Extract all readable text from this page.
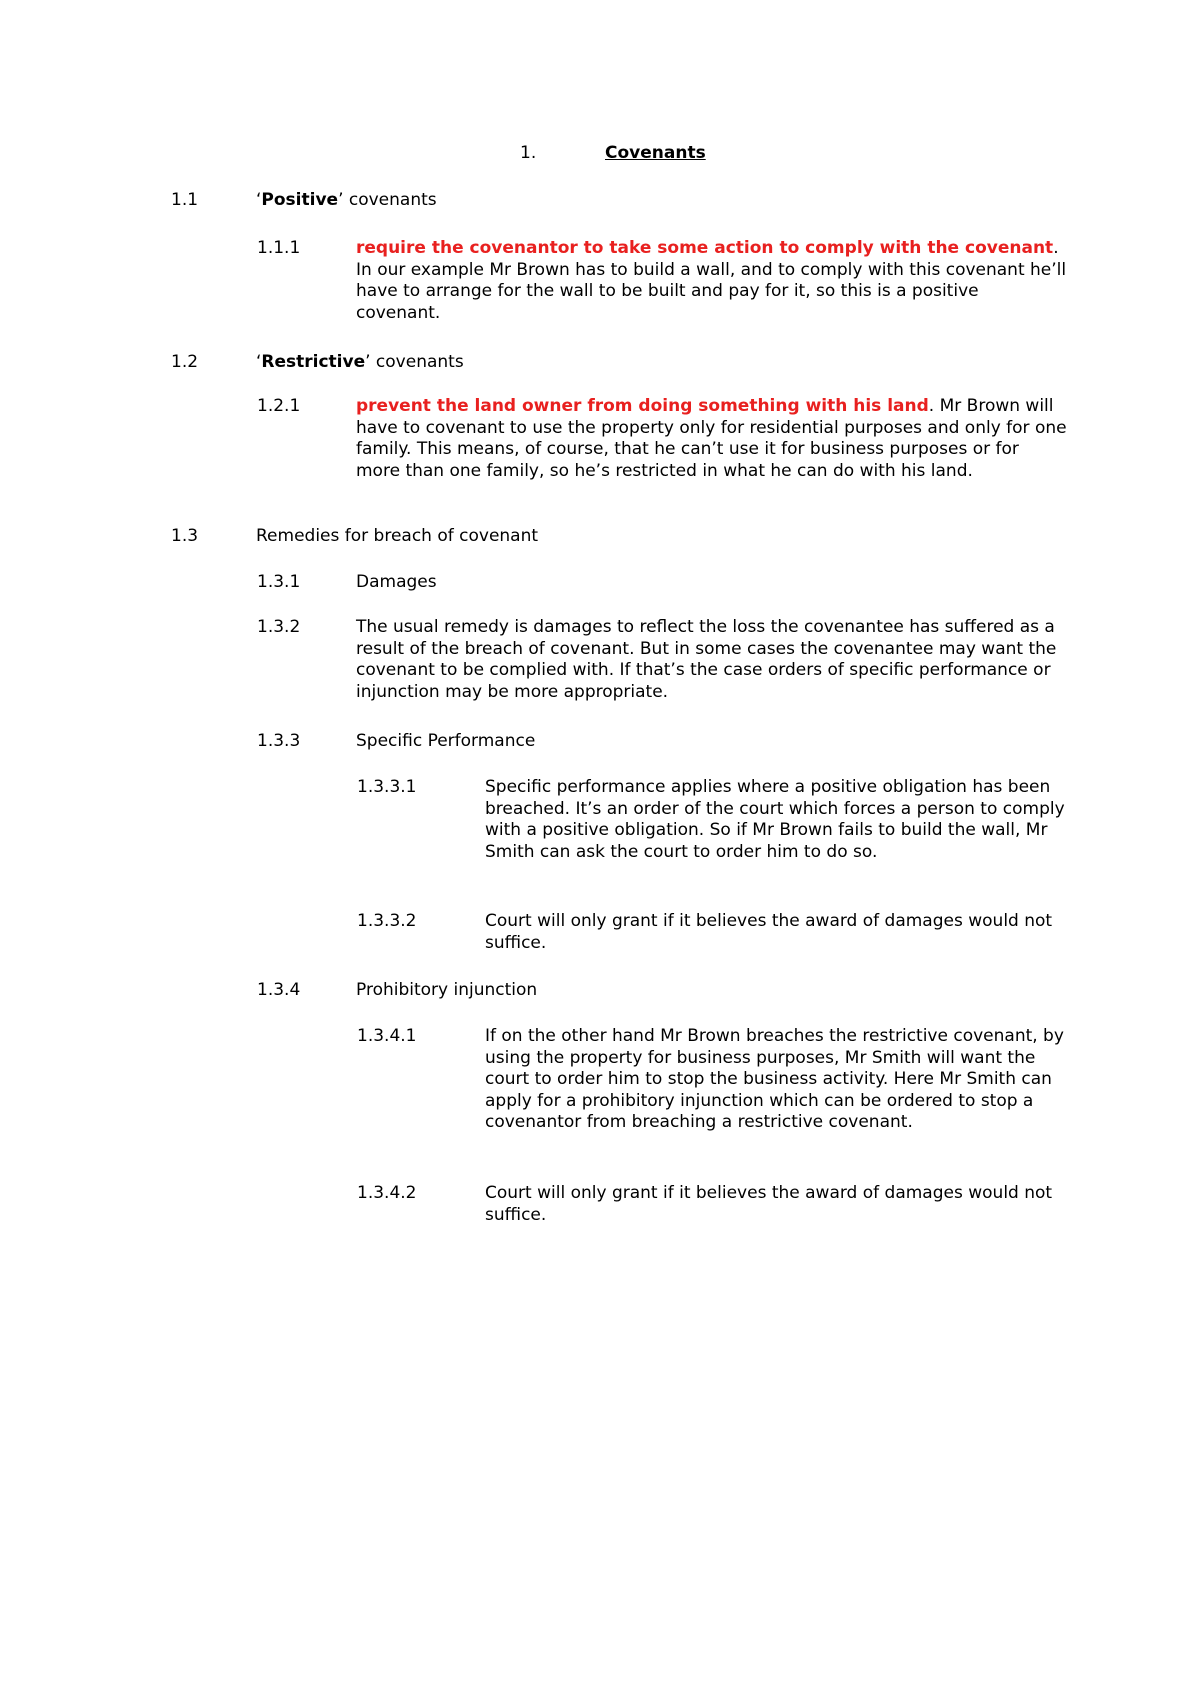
1.	Covenants
1.1	‘Positive’ covenants
1.1.1	require the covenantor to take some action to comply with the covenant. In our example Mr Brown has to build a wall, and to comply with this covenant he’ll have to arrange for the wall to be built and pay for it, so this is a positive covenant.
1.2	‘Restrictive’ covenants
1.2.1	prevent the land owner from doing something with his land. Mr Brown will have to covenant to use the property only for residential purposes and only for one family. This means, of course, that he can’t use it for business purposes or for more than one family, so he’s restricted in what he can do with his land.
1.3	Remedies for breach of covenant
1.3.1	Damages
1.3.2	The usual remedy is damages to reflect the loss the covenantee has suffered as a result of the breach of covenant. But in some cases the covenantee may want the covenant to be complied with. If that’s the case orders of specific performance or injunction may be more appropriate.
1.3.3	Specific Performance
1.3.3.1	Specific performance applies where a positive obligation has been breached. It’s an order of the court which forces a person to comply with a positive obligation. So if Mr Brown fails to build the wall, Mr Smith can ask the court to order him to do so.
1.3.3.2	Court will only grant if it believes the award of damages would not suffice.
1.3.4	Prohibitory injunction
1.3.4.1	If on the other hand Mr Brown breaches the restrictive covenant, by using the property for business purposes, Mr Smith will want the court to order him to stop the business activity. Here Mr Smith can apply for a prohibitory injunction which can be ordered to stop a covenantor from breaching a restrictive covenant.
1.3.4.2	Court will only grant if it believes the award of damages would not suffice.
